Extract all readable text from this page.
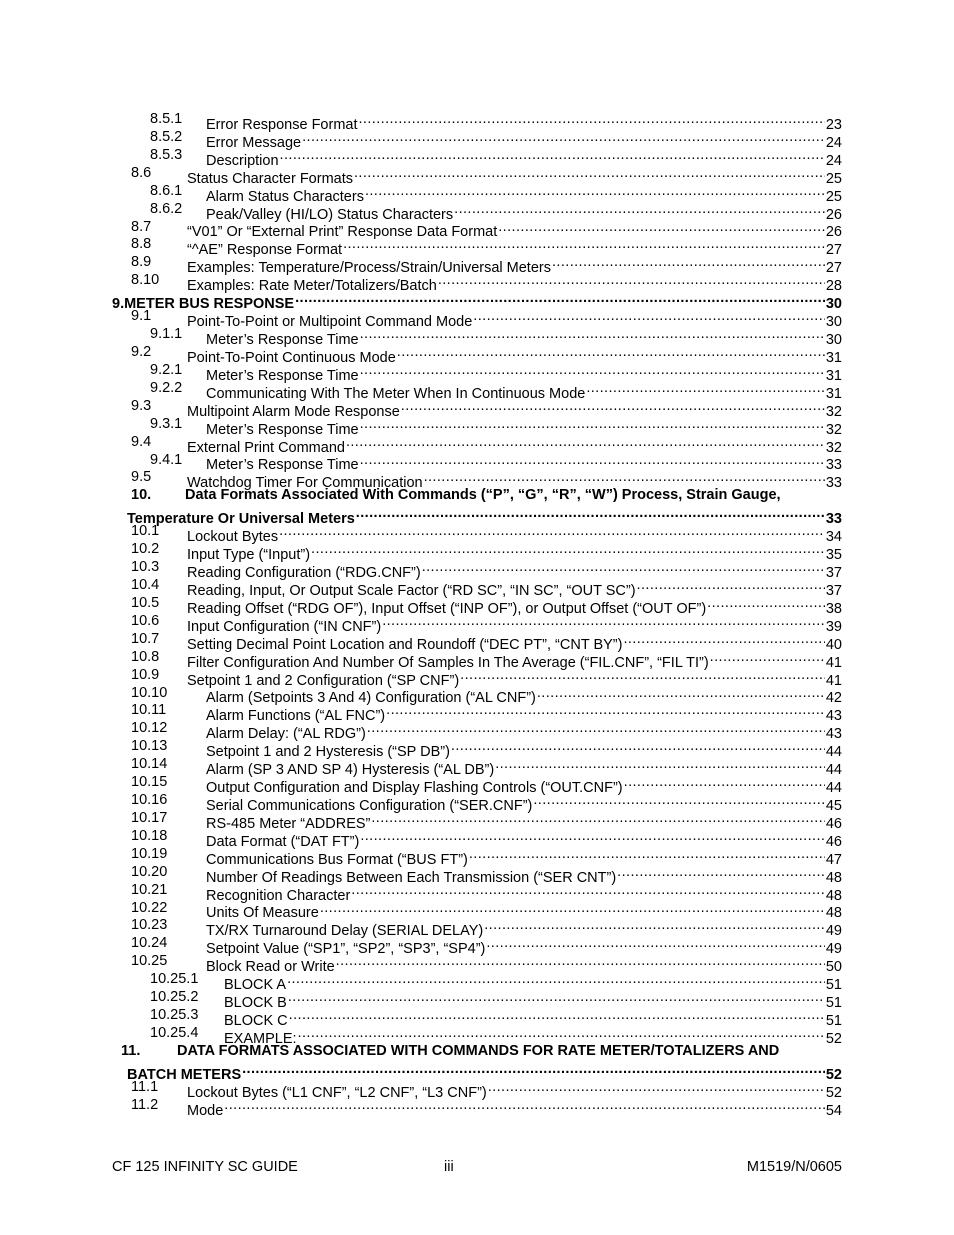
8.5.1 Error Response Format .....	23
8.5.2 Error Message .....	24
8.5.3 Description .....	24
8.6 Status Character Formats .....	25
8.6.1 Alarm Status Characters .....	25
8.6.2 Peak/Valley (HI/LO) Status Characters .....	26
8.7 “V01” Or “External Print” Response Data Format .....	26
8.8 “^AE” Response Format .....	27
8.9 Examples: Temperature/Process/Strain/Universal Meters .....	27
8.10 Examples: Rate Meter/Totalizers/Batch .....	28
9.METER BUS RESPONSE .....	30
9.1 Point-To-Point or Multipoint Command Mode .....	30
9.1.1 Meter’s Response Time .....	30
9.2 Point-To-Point Continuous Mode .....	31
9.2.1 Meter’s Response Time .....	31
9.2.2 Communicating With The Meter When In Continuous Mode .....	31
9.3 Multipoint Alarm Mode Response .....	32
9.3.1 Meter’s Response Time .....	32
9.4 External Print Command .....	32
9.4.1 Meter’s Response Time .....	33
9.5 Watchdog Timer For Communication .....	33
10. Data Formats Associated With Commands (“P”, “G”, “R”, “W”) Process, Strain Gauge,
Temperature Or Universal Meters .....	33
10.1 Lockout Bytes .....	34
10.2 Input Type (“Input”) .....	35
10.3 Reading Configuration (“RDG.CNF”) .....	37
10.4 Reading, Input, Or Output Scale Factor (“RD SC”, “IN SC”, “OUT SC”) .....	37
10.5 Reading Offset (“RDG OF”), Input Offset (“INP OF”), or Output Offset (“OUT OF”) .....	38
10.6 Input Configuration (“IN CNF”) .....	39
10.7 Setting Decimal Point Location and Roundoff (“DEC PT”, “CNT BY”) .....	40
10.8 Filter Configuration And Number Of Samples In The Average (“FIL.CNF”, “FIL TI”) .....	41
10.9 Setpoint 1 and 2 Configuration (“SP CNF”) .....	41
10.10	Alarm (Setpoints 3 And 4) Configuration (“AL CNF”) .....	42
10.11	Alarm Functions (“AL FNC”) .....	43
10.12	Alarm Delay: (“AL RDG”) .....	43
10.13	Setpoint 1 and 2 Hysteresis (“SP DB”) .....	44
10.14	Alarm (SP 3 AND SP 4) Hysteresis (“AL DB”) .....	44
10.15	Output Configuration and Display Flashing Controls (“OUT.CNF”) .....	44
10.16	Serial Communications Configuration (“SER.CNF”) .....	45
10.17	RS-485 Meter “ADDRES” .....	46
10.18	Data Format (“DAT FT”) .....	46
10.19	Communications Bus Format (“BUS FT”) .....	47
10.20	Number Of Readings Between Each Transmission (“SER CNT”) .....	48
10.21	Recognition Character .....	48
10.22	Units Of Measure .....	48
10.23	TX/RX Turnaround Delay (SERIAL DELAY) .....	49
10.24	Setpoint Value (“SP1”, “SP2”, “SP3”, “SP4”) .....	49
10.25	Block Read or Write .....	50
10.25.1 BLOCK A .....	51
10.25.2 BLOCK B .....	51
10.25.3 BLOCK C .....	51
10.25.4 EXAMPLE: .....	52
11.	DATA FORMATS ASSOCIATED WITH COMMANDS FOR RATE METER/TOTALIZERS AND
BATCH METERS .....	52
11.1 Lockout Bytes (“L1 CNF”, “L2 CNF”, “L3 CNF”) .....	52
11.2 Mode .....	54
CF 125 INFINITY SC GUIDE	iii	M1519/N/0605
